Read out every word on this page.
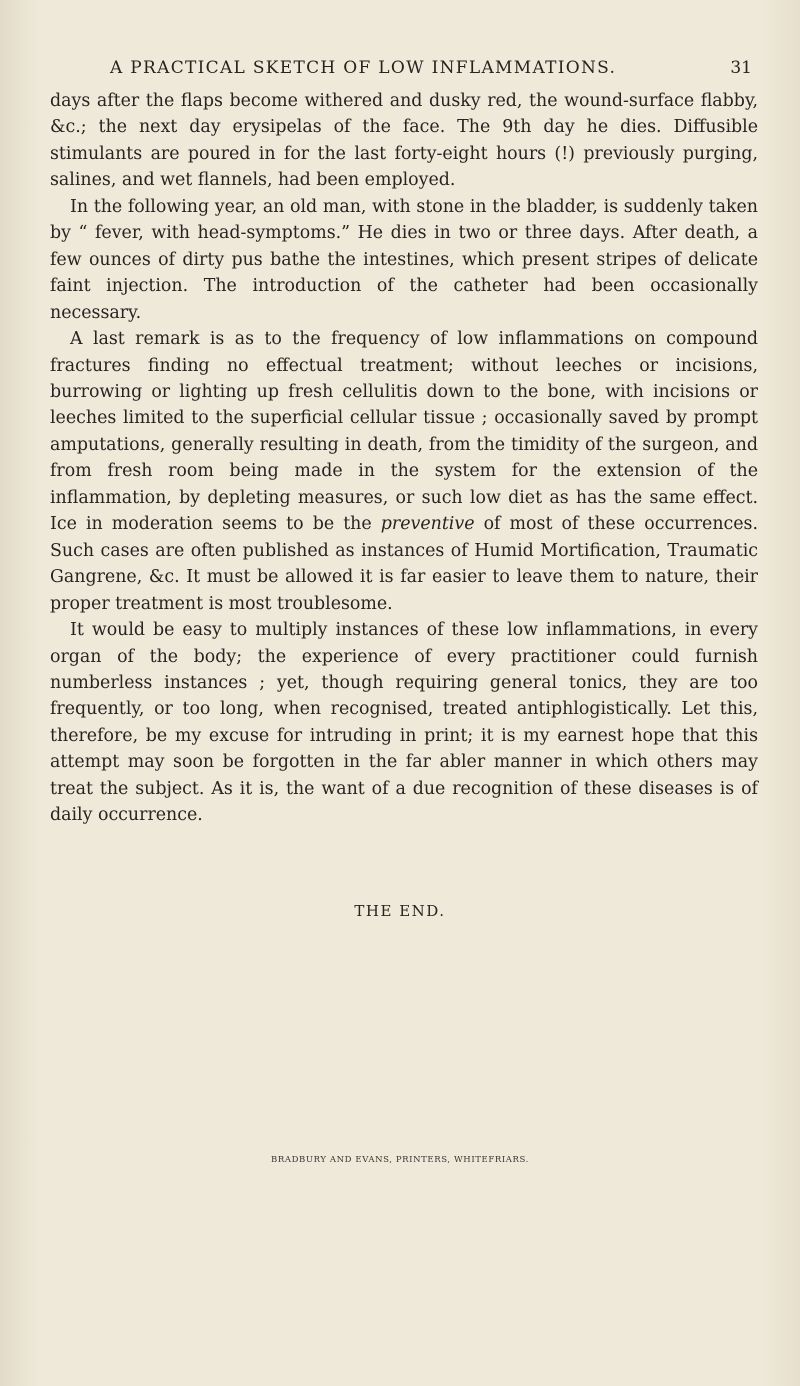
A PRACTICAL SKETCH OF LOW INFLAMMATIONS.	31

days after the flaps become withered and dusky red, the wound-surface flabby, &c.; the next day erysipelas of the face. The 9th day he dies. Diffusible stimulants are poured in for the last forty-eight hours (!) previously purging, salines, and wet flannels, had been employed.

In the following year, an old man, with stone in the bladder, is suddenly taken by “ fever, with head-symptoms.” He dies in two or three days. After death, a few ounces of dirty pus bathe the intestines, which present stripes of delicate faint injection. The introduction of the catheter had been occasionally necessary.

A last remark is as to the frequency of low inflammations on compound fractures finding no effectual treatment; without leeches or incisions, burrowing or lighting up fresh cellulitis down to the bone, with incisions or leeches limited to the superficial cellular tissue ; occasionally saved by prompt amputations, generally resulting in death, from the timidity of the surgeon, and from fresh room being made in the system for the extension of the inflammation, by depleting measures, or such low diet as has the same effect. Ice in moderation seems to be the preventive of most of these occurrences. Such cases are often published as instances of Humid Mortification, Traumatic Gangrene, &c. It must be allowed it is far easier to leave them to nature, their proper treatment is most troublesome.

It would be easy to multiply instances of these low inflammations, in every organ of the body; the experience of every practitioner could furnish numberless instances ; yet, though requiring general tonics, they are too frequently, or too long, when recognised, treated antiphlogistically. Let this, therefore, be my excuse for intruding in print; it is my earnest hope that this attempt may soon be forgotten in the far abler manner in which others may treat the subject. As it is, the want of a due recognition of these diseases is of daily occurrence.

THE END.
BRADBURY AND EVANS, PRINTERS, WHITEFRIARS.
